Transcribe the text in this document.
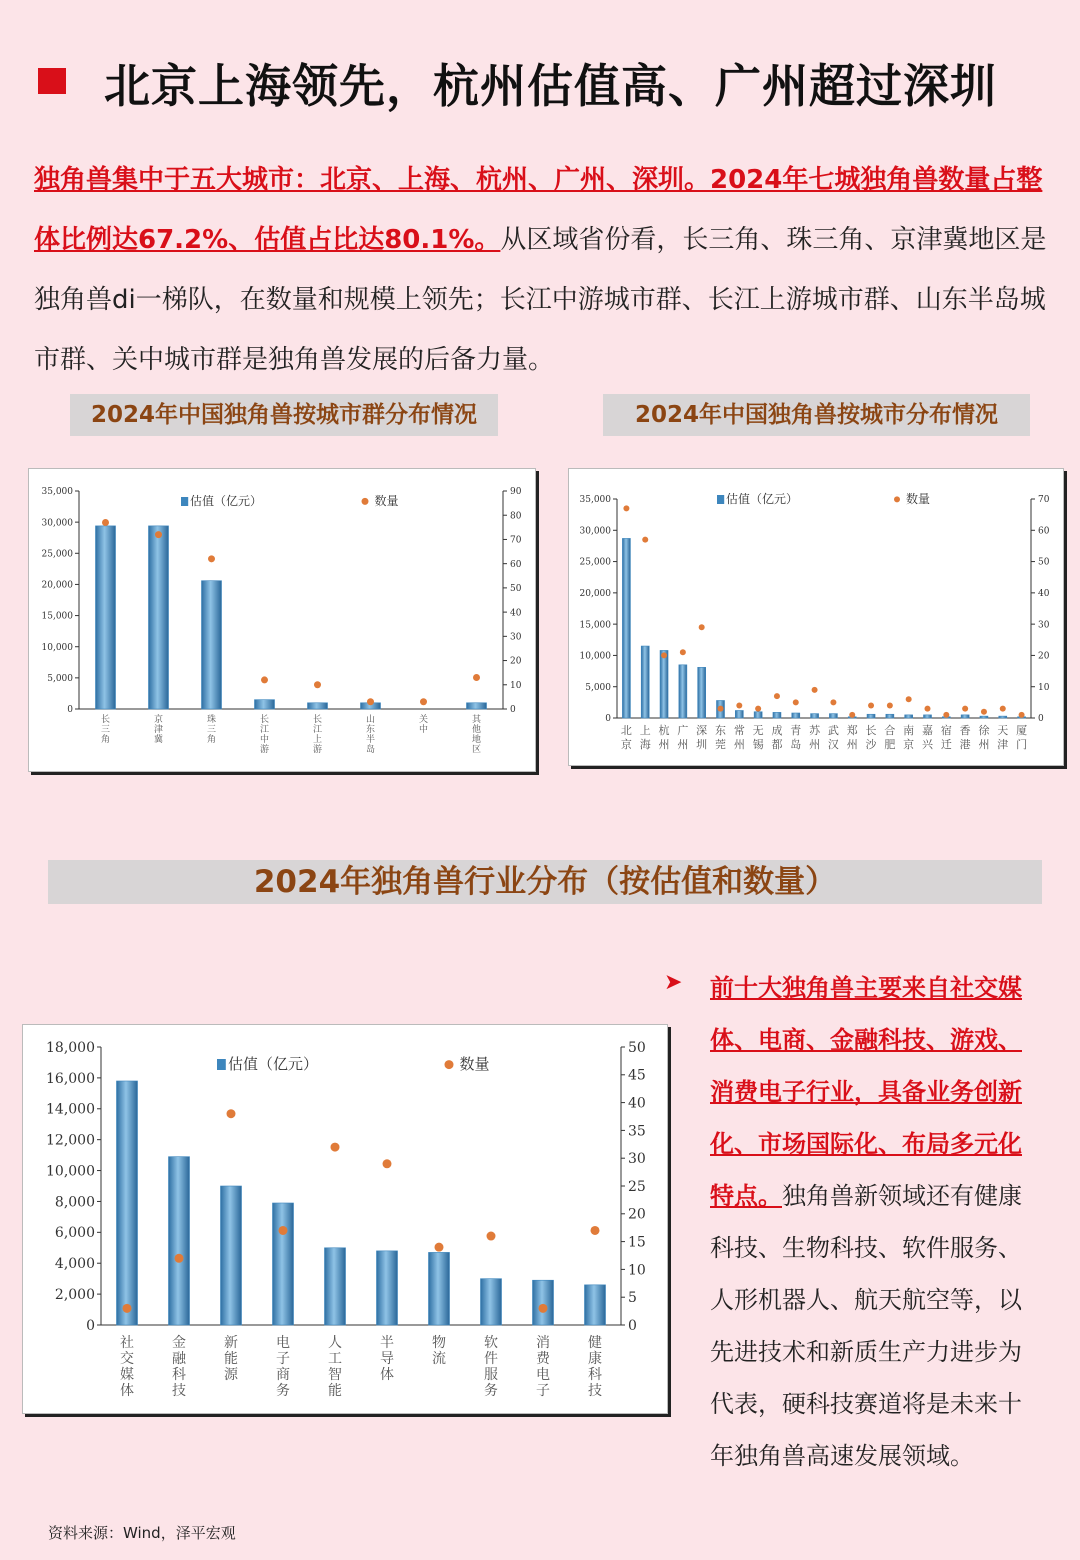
北京上海领先，杭州估值高、广州超过深圳
独角兽集中于五大城市：北京、上海、杭州、广州、深圳。2024年七城独角兽数量占整体比例达67.2%、估值占比达80.1%。从区域省份看，长三角、珠三角、京津冀地区是独角兽di一梯队，在数量和规模上领先；长江中游城市群、长江上游城市群、山东半岛城市群、关中城市群是独角兽发展的后备力量。
2024年中国独角兽按城市群分布情况	2024年中国独角兽按城市分布情况
0
5,000
10,000
15,000
20,000
25,000
30,000
35,000
0
10
20
30
40
50
60
70
80
90
长
三
角
京
津
冀
珠
三
角
长
江
中
游
长
江
上
游
山
东
半
岛
关
中
其
他
地
区
估值（亿元）	数量
0
5,000
10,000
15,000
20,000
25,000
30,000
35,000
0
10
20
30
40
50
60
70
北
京
上
海
杭
州
广
州
深
圳
东
莞
常
州
无
锡
成
都
青
岛
苏
州
武
汉
郑
州
长
沙
合
肥
南
京
嘉
兴
宿
迁
香
港
徐
州
天
津
厦
门
估值（亿元）	数量
2024年独角兽行业分布（按估值和数量）
0
2,000
4,000
6,000
8,000
10,000
12,000
14,000
16,000
18,000
0
5
10
15
20
25
30
35
40
45
50
社
交
媒
体
金
融
科
技
新
能
源
电
子
商
务
人
工
智
能
半
导
体
物
流
软
件
服
务
消
费
电
子
健
康
科
技
估值（亿元）	数量
➤ 前十大独角兽主要来自社交媒体、电商、金融科技、游戏、消费电子行业，具备业务创新化、市场国际化、布局多元化特点。独角兽新领域还有健康科技、生物科技、软件服务、人形机器人、航天航空等，以先进技术和新质生产力进步为代表，硬科技赛道将是未来十年独角兽高速发展领域。
资料来源：Wind，泽平宏观
